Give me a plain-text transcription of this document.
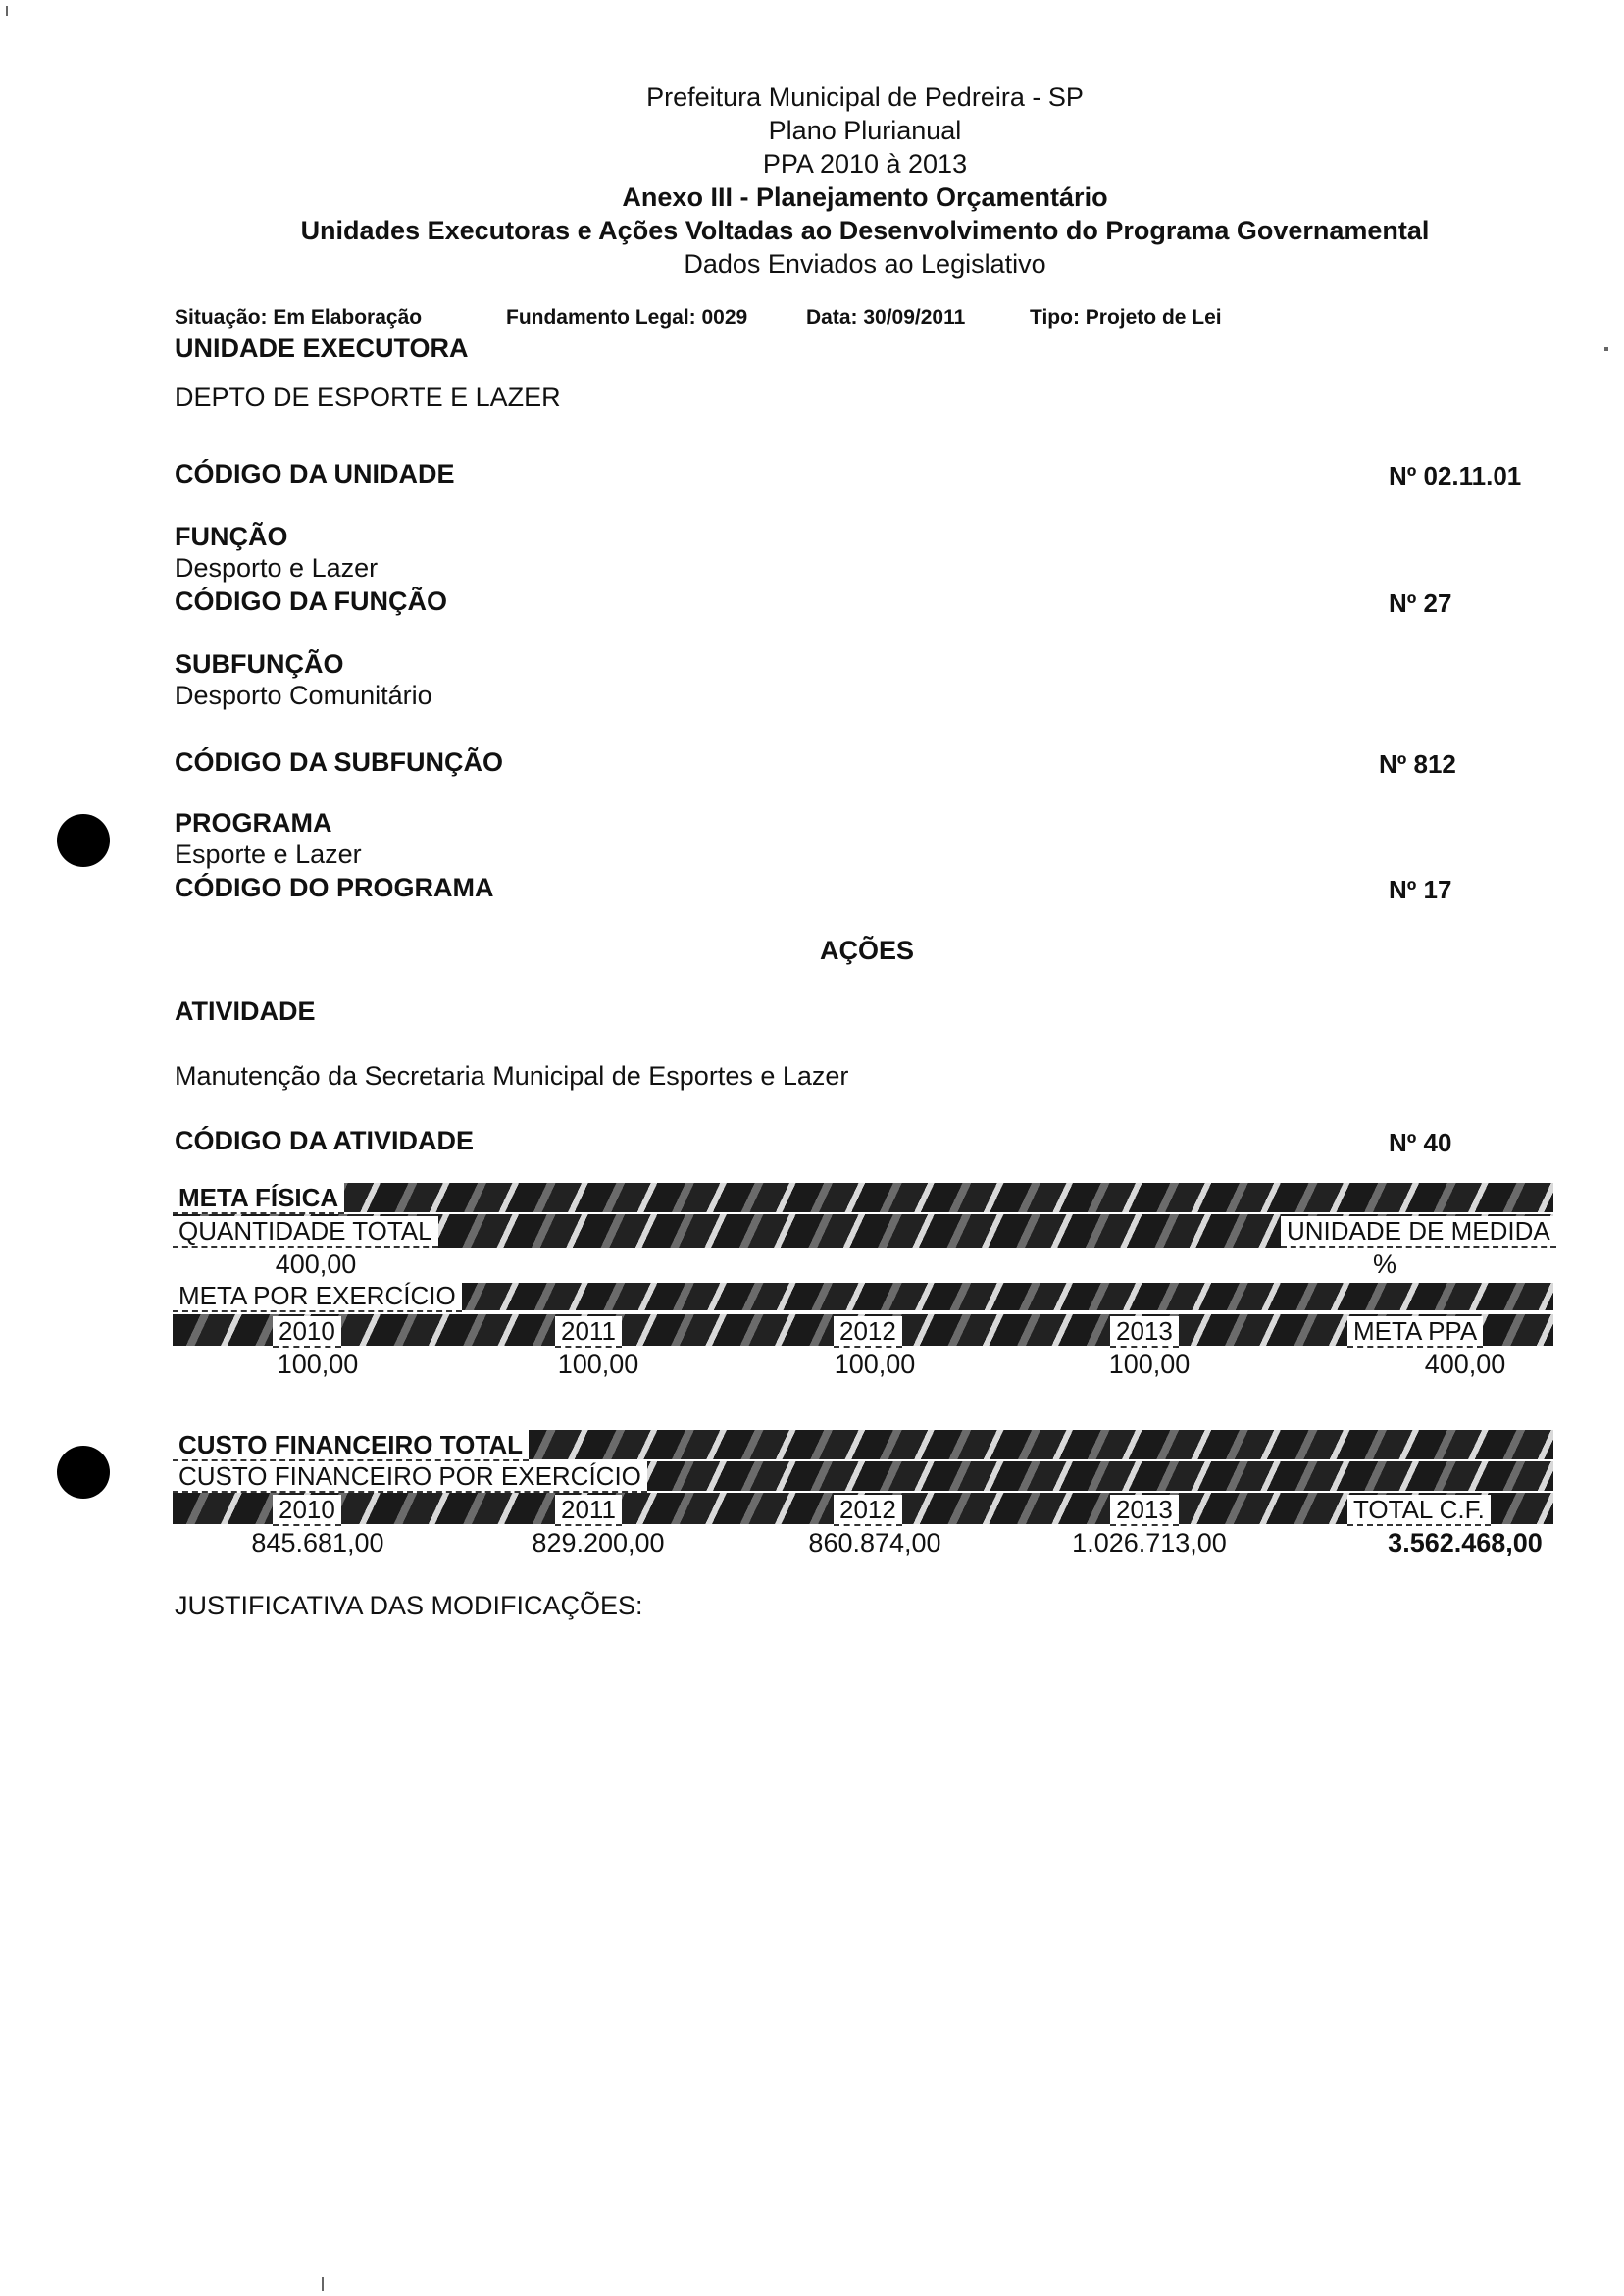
Prefeitura Municipal de Pedreira - SP
Plano Plurianual
PPA 2010 à 2013
Anexo III - Planejamento Orçamentário
Unidades Executoras e Ações Voltadas ao Desenvolvimento do Programa Governamental
Dados Enviados ao Legislativo
Situação: Em Elaboração	Fundamento Legal: 0029	Data: 30/09/2011	Tipo: Projeto de Lei
UNIDADE EXECUTORA
DEPTO DE ESPORTE E LAZER
CÓDIGO DA UNIDADE	Nº 02.11.01
FUNÇÃO
Desporto e Lazer
CÓDIGO DA FUNÇÃO	Nº 27
SUBFUNÇÃO
Desporto Comunitário
CÓDIGO DA SUBFUNÇÃO	Nº 812
PROGRAMA
Esporte e Lazer
CÓDIGO DO PROGRAMA	Nº 17
AÇÕES
ATIVIDADE
Manutenção da Secretaria Municipal de Esportes e Lazer
CÓDIGO DA ATIVIDADE	Nº 40
META FÍSICA
QUANTIDADE TOTAL	UNIDADE DE MEDIDA
400,00	%
META POR EXERCÍCIO
2010	2011	2012	2013	META PPA
100,00	100,00	100,00	100,00	400,00
CUSTO FINANCEIRO TOTAL
CUSTO FINANCEIRO POR EXERCÍCIO
2010	2011	2012	2013	TOTAL C.F.
845.681,00	829.200,00	860.874,00	1.026.713,00	3.562.468,00
JUSTIFICATIVA DAS MODIFICAÇÕES:
